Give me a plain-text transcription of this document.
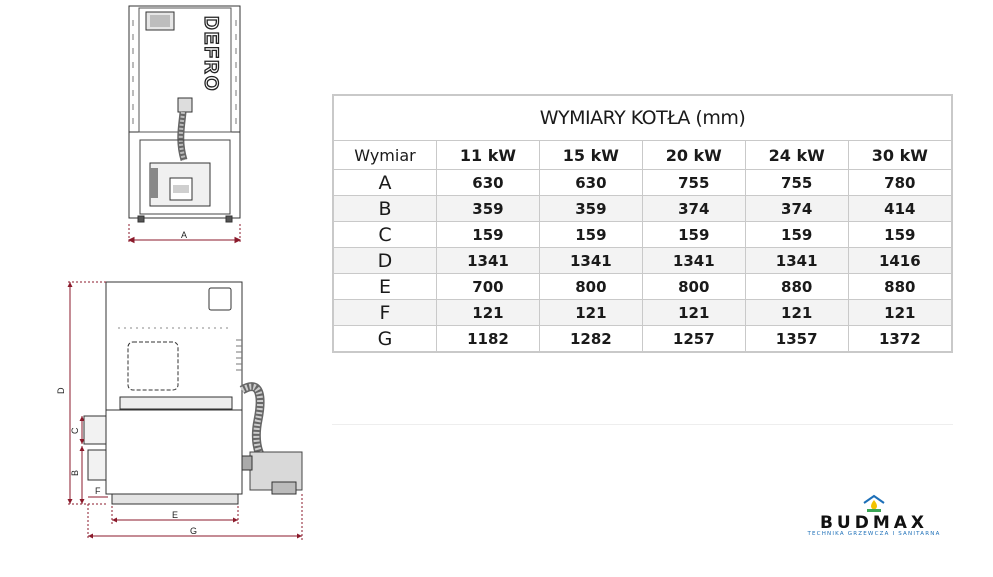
DEFRO
A
D
C
B
F
E
G
WYMIARY KOTŁA (mm)					
Wymiar	11 kW	15 kW	20 kW	24 kW	30 kW
A	630	630	755	755	780
B	359	359	374	374	414
C	159	159	159	159	159
D	1341	1341	1341	1341	1416
E	700	800	800	880	880
F	121	121	121	121	121
G	1182	1282	1257	1357	1372
BUDMAX
TECHNIKA GRZEWCZA I SANITARNA
